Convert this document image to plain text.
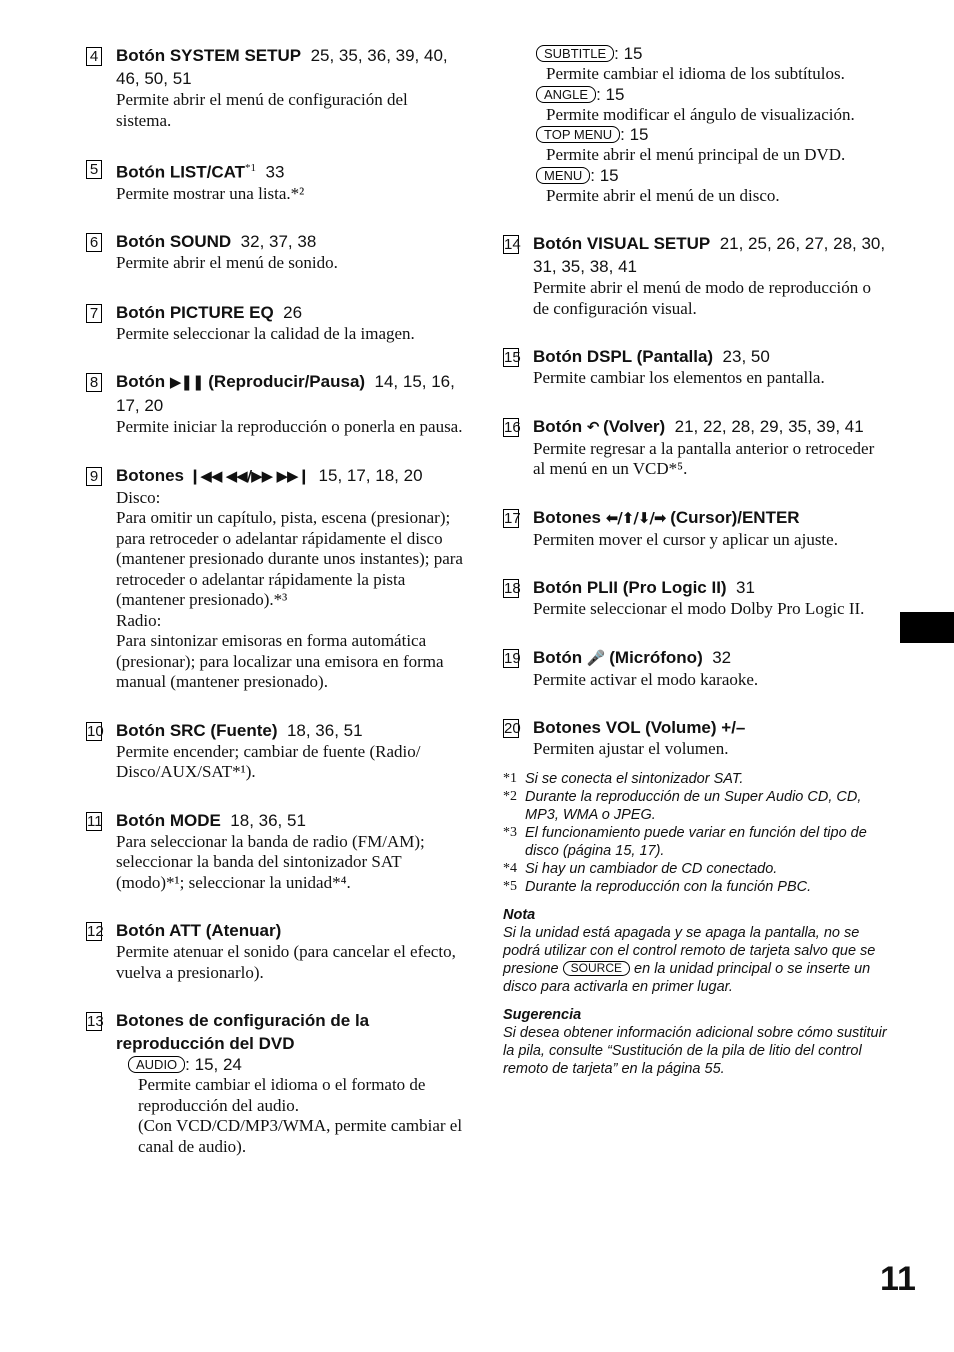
4 Botón SYSTEM SETUP 25, 35, 36, 39, 40, 46, 50, 51
Permite abrir el menú de configuración del sistema.
5 Botón LIST/CAT$^{*1}$ 33
Permite mostrar una lista.*²
6 Botón SOUND 32, 37, 38
Permite abrir el menú de sonido.
7 Botón PICTURE EQ 26
Permite seleccionar la calidad de la imagen.
8 Botón ▶❚❚ (Reproducir/Pausa) 14, 15, 16, 17, 20
Permite iniciar la reproducción o ponerla en pausa.
9 Botones ❙◀◀ ◀◀/▶▶ ▶▶❙ 15, 17, 18, 20
Disco:
Para omitir un capítulo, pista, escena (presionar); para retroceder o adelantar rápidamente el disco (mantener presionado durante unos instantes); para retroceder o adelantar rápidamente la pista (mantener presionado).*³
Radio:
Para sintonizar emisoras en forma automática (presionar); para localizar una emisora en forma manual (mantener presionado).
10 Botón SRC (Fuente) 18, 36, 51
Permite encender; cambiar de fuente (Radio/ Disco/AUX/SAT*¹).
11 Botón MODE 18, 36, 51
Para seleccionar la banda de radio (FM/AM); seleccionar la banda del sintonizador SAT (modo)*¹; seleccionar la unidad*⁴.
12 Botón ATT (Atenuar)
Permite atenuar el sonido (para cancelar el efecto, vuelva a presionarlo).
13 Botones de configuración de la reproducción del DVD
AUDIO : 15, 24
Permite cambiar el idioma o el formato de reproducción del audio.
(Con VCD/CD/MP3/WMA, permite cambiar el canal de audio).
SUBTITLE : 15
Permite cambiar el idioma de los subtítulos.
ANGLE : 15
Permite modificar el ángulo de visualización.
TOP MENU : 15
Permite abrir el menú principal de un DVD.
MENU : 15
Permite abrir el menú de un disco.
14 Botón VISUAL SETUP 21, 25, 26, 27, 28, 30, 31, 35, 38, 41
Permite abrir el menú de modo de reproducción o de configuración visual.
15 Botón DSPL (Pantalla) 23, 50
Permite cambiar los elementos en pantalla.
16 Botón ↶ (Volver) 21, 22, 28, 29, 35, 39, 41
Permite regresar a la pantalla anterior o retroceder al menú en un VCD*⁵.
17 Botones ⬅/⬆/⬇/➡ (Cursor)/ENTER
Permiten mover el cursor y aplicar un ajuste.
18 Botón PLII (Pro Logic II) 31
Permite seleccionar el modo Dolby Pro Logic II.
19 Botón 🎤 (Micrófono) 32
Permite activar el modo karaoke.
20 Botones VOL (Volume) +/–
Permiten ajustar el volumen.
*1 Si se conecta el sintonizador SAT.
*2 Durante la reproducción de un Super Audio CD, CD, MP3, WMA o JPEG.
*3 El funcionamiento puede variar en función del tipo de disco (página 15, 17).
*4 Si hay un cambiador de CD conectado.
*5 Durante la reproducción con la función PBC.
Nota
Si la unidad está apagada y se apaga la pantalla, no se podrá utilizar con el control remoto de tarjeta salvo que se presione SOURCE en la unidad principal o se inserte un disco para activarla en primer lugar.
Sugerencia
Si desea obtener información adicional sobre cómo sustituir la pila, consulte “Sustitución de la pila de litio del control remoto de tarjeta” en la página 55.
11
